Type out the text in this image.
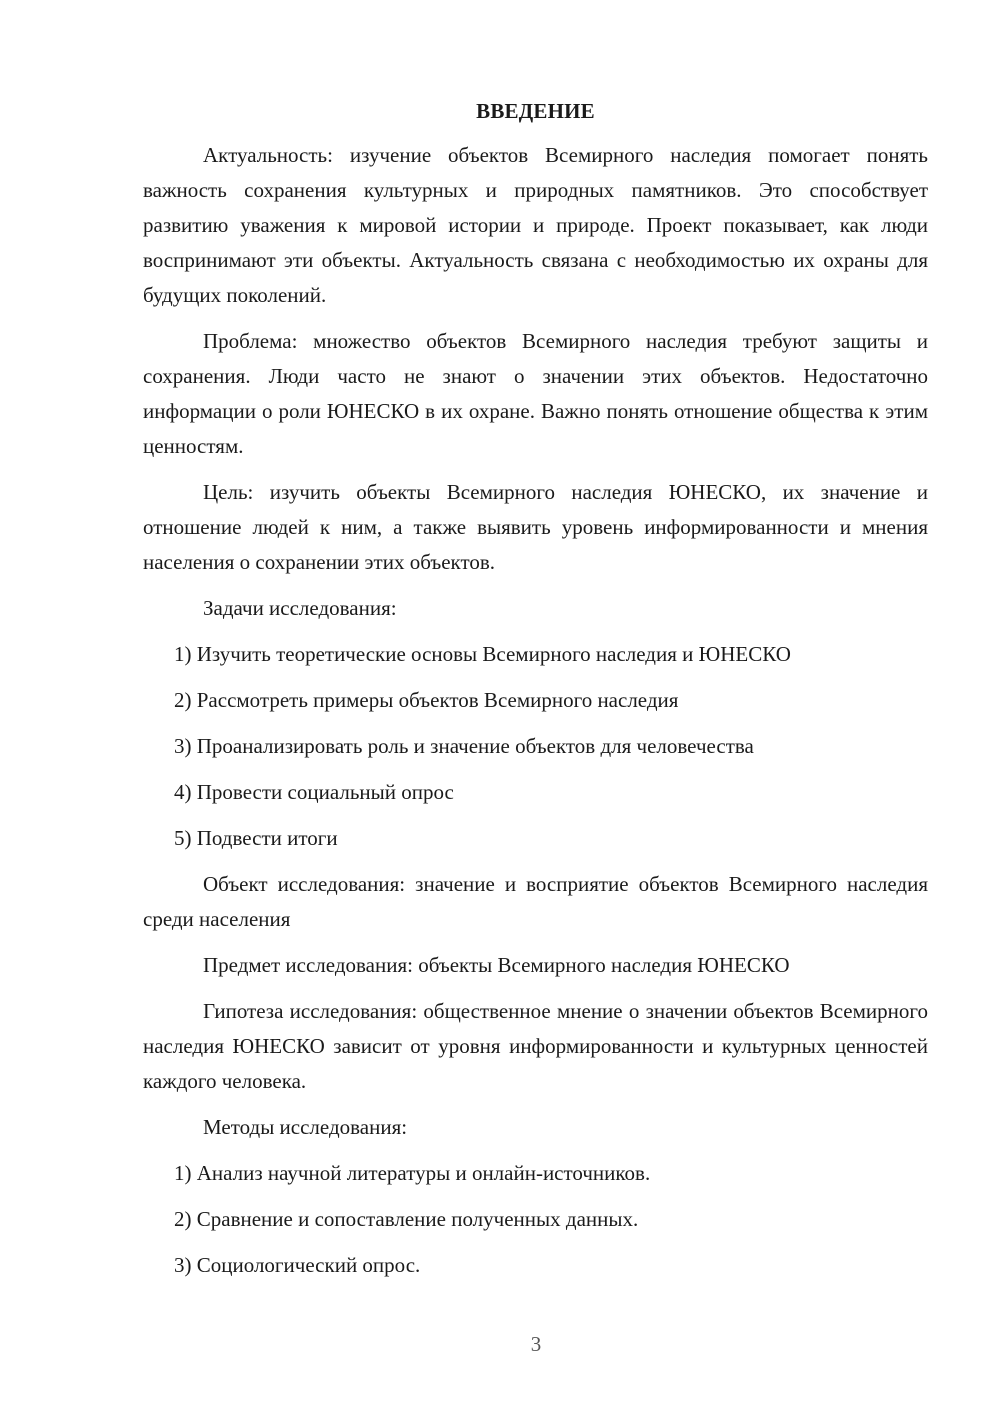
ВВЕДЕНИЕ

Актуальность: изучение объектов Всемирного наследия помогает понять важность сохранения культурных и природных памятников. Это способствует развитию уважения к мировой истории и природе. Проект показывает, как люди воспринимают эти объекты. Актуальность связана с необходимостью их охраны для будущих поколений.

Проблема: множество объектов Всемирного наследия требуют защиты и сохранения. Люди часто не знают о значении этих объектов. Недостаточно информации о роли ЮНЕСКО в их охране. Важно понять отношение общества к этим ценностям.

Цель: изучить объекты Всемирного наследия ЮНЕСКО, их значение и отношение людей к ним, а также выявить уровень информированности и мнения населения о сохранении этих объектов.

Задачи исследования:

1) Изучить теоретические основы Всемирного наследия и ЮНЕСКО

2) Рассмотреть примеры объектов Всемирного наследия

3) Проанализировать роль и значение объектов для человечества

4) Провести социальный опрос

5) Подвести итоги

Объект исследования: значение и восприятие объектов Всемирного наследия среди населения

Предмет исследования: объекты Всемирного наследия ЮНЕСКО

Гипотеза исследования: общественное мнение о значении объектов Всемирного наследия ЮНЕСКО зависит от уровня информированности и культурных ценностей каждого человека.

Методы исследования:

1) Анализ научной литературы и онлайн-источников.

2) Сравнение и сопоставление полученных данных.

3) Социологический опрос.

3
